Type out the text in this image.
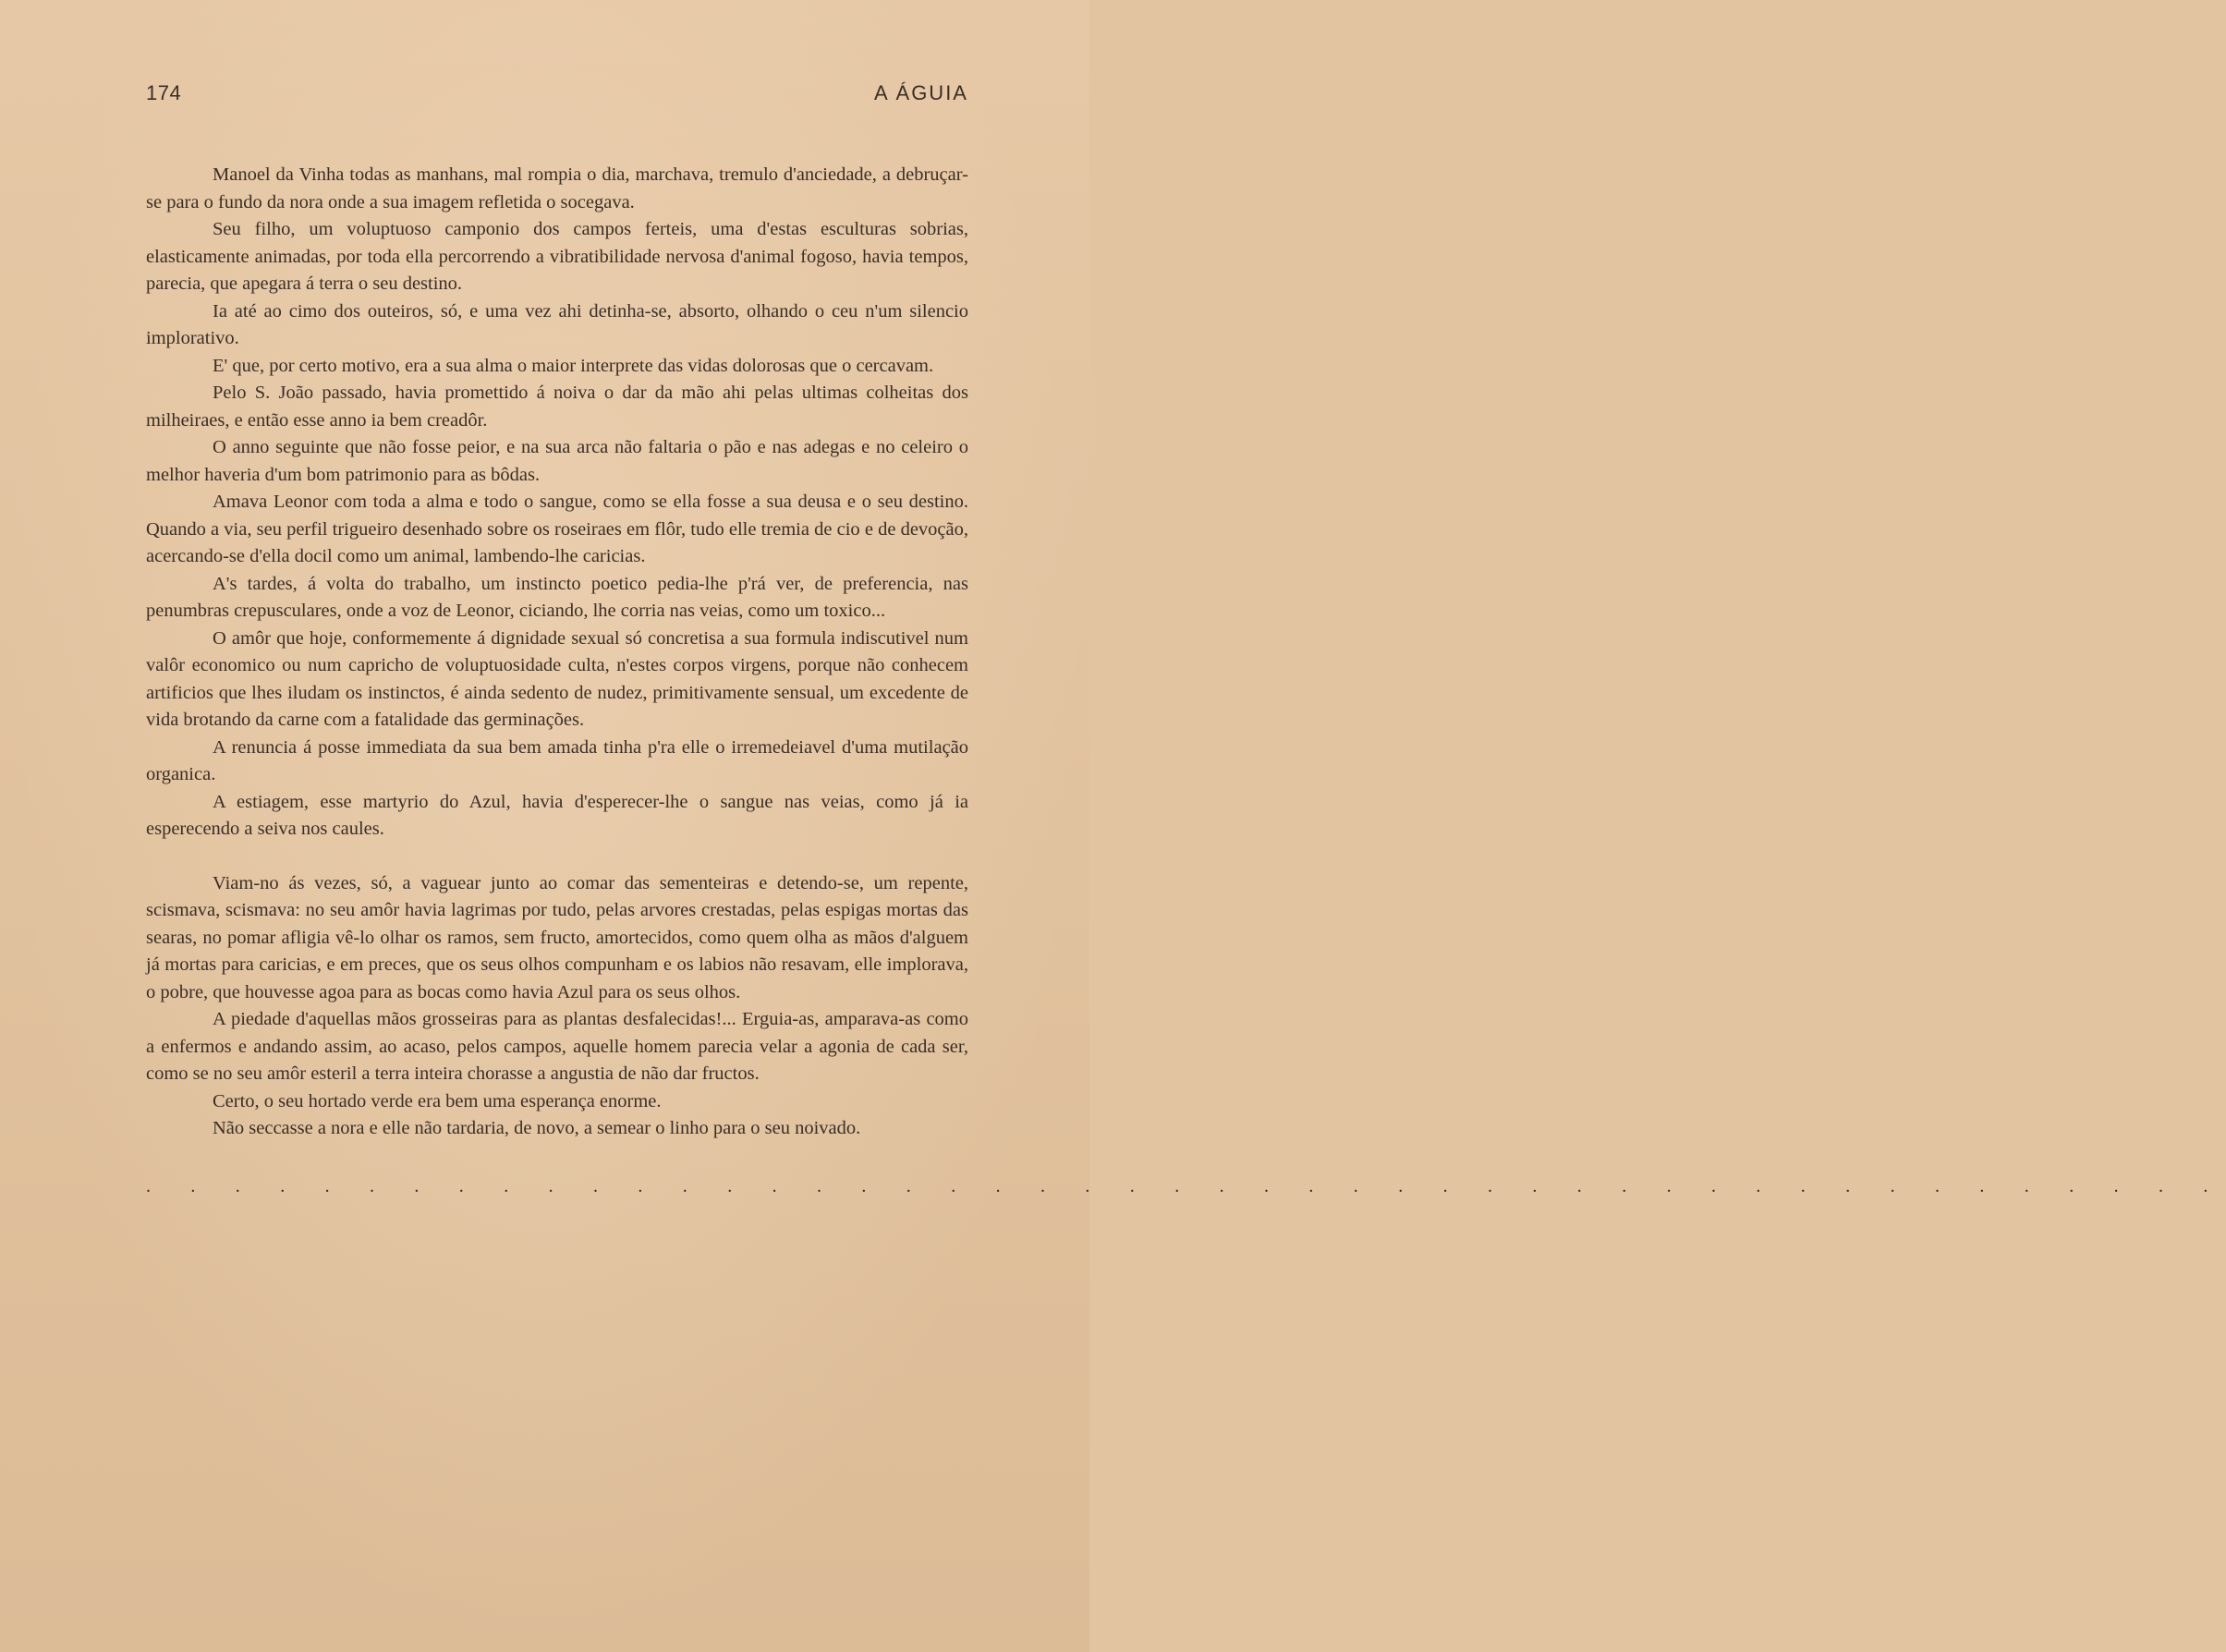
174	A ÁGUIA

Manoel da Vinha todas as manhans, mal rompia o dia, marchava, tremulo d'anciedade, a debruçar-se para o fundo da nora onde a sua imagem refletida o socegava.

Seu filho, um voluptuoso camponio dos campos ferteis, uma d'estas esculturas sobrias, elasticamente animadas, por toda ella percorrendo a vibratibilidade nervosa d'animal fogoso, havia tempos, parecia, que apegara á terra o seu destino.

Ia até ao cimo dos outeiros, só, e uma vez ahi detinha-se, absorto, olhando o ceu n'um silencio implorativo.

E' que, por certo motivo, era a sua alma o maior interprete das vidas dolorosas que o cercavam.

Pelo S. João passado, havia promettido á noiva o dar da mão ahi pelas ultimas colheitas dos milheiraes, e então esse anno ia bem creadôr.

O anno seguinte que não fosse peior, e na sua arca não faltaria o pão e nas adegas e no celeiro o melhor haveria d'um bom patrimonio para as bôdas.

Amava Leonor com toda a alma e todo o sangue, como se ella fosse a sua deusa e o seu destino. Quando a via, seu perfil trigueiro desenhado sobre os roseiraes em flôr, tudo elle tremia de cio e de devoção, acercando-se d'ella docil como um animal, lambendo-lhe caricias.

A's tardes, á volta do trabalho, um instincto poetico pedia-lhe p'rá ver, de preferencia, nas penumbras crepusculares, onde a voz de Leonor, ciciando, lhe corria nas veias, como um toxico...

O amôr que hoje, conformemente á dignidade sexual só concretisa a sua formula indiscutivel num valôr economico ou num capricho de voluptuosidade culta, n'estes corpos virgens, porque não conhecem artificios que lhes iludam os instinctos, é ainda sedento de nudez, primitivamente sensual, um excedente de vida brotando da carne com a fatalidade das germinações.

A renuncia á posse immediata da sua bem amada tinha p'ra elle o irremedeiavel d'uma mutilação organica.

A estiagem, esse martyrio do Azul, havia d'esperecer-lhe o sangue nas veias, como já ia esperecendo a seiva nos caules.

Viam-no ás vezes, só, a vaguear junto ao comar das sementeiras e detendo-se, um repente, scismava, scismava: no seu amôr havia lagrimas por tudo, pelas arvores crestadas, pelas espigas mortas das searas, no pomar afligia vê-lo olhar os ramos, sem fructo, amortecidos, como quem olha as mãos d'alguem já mortas para caricias, e em preces, que os seus olhos compunham e os labios não resavam, elle implorava, o pobre, que houvesse agoa para as bocas como havia Azul para os seus olhos.

A piedade d'aquellas mãos grosseiras para as plantas desfalecidas!... Erguia-as, amparava-as como a enfermos e andando assim, ao acaso, pelos campos, aquelle homem parecia velar a agonia de cada ser, como se no seu amôr esteril a terra inteira chorasse a angustia de não dar fructos.

Certo, o seu hortado verde era bem uma esperança enorme.

Não seccasse a nora e elle não tardaria, de novo, a semear o linho para o seu noivado.

. . . . . . . . . . . . . . . . . . . . . . . . . . . . . . . . . . . . . . . . . . . . . . .
